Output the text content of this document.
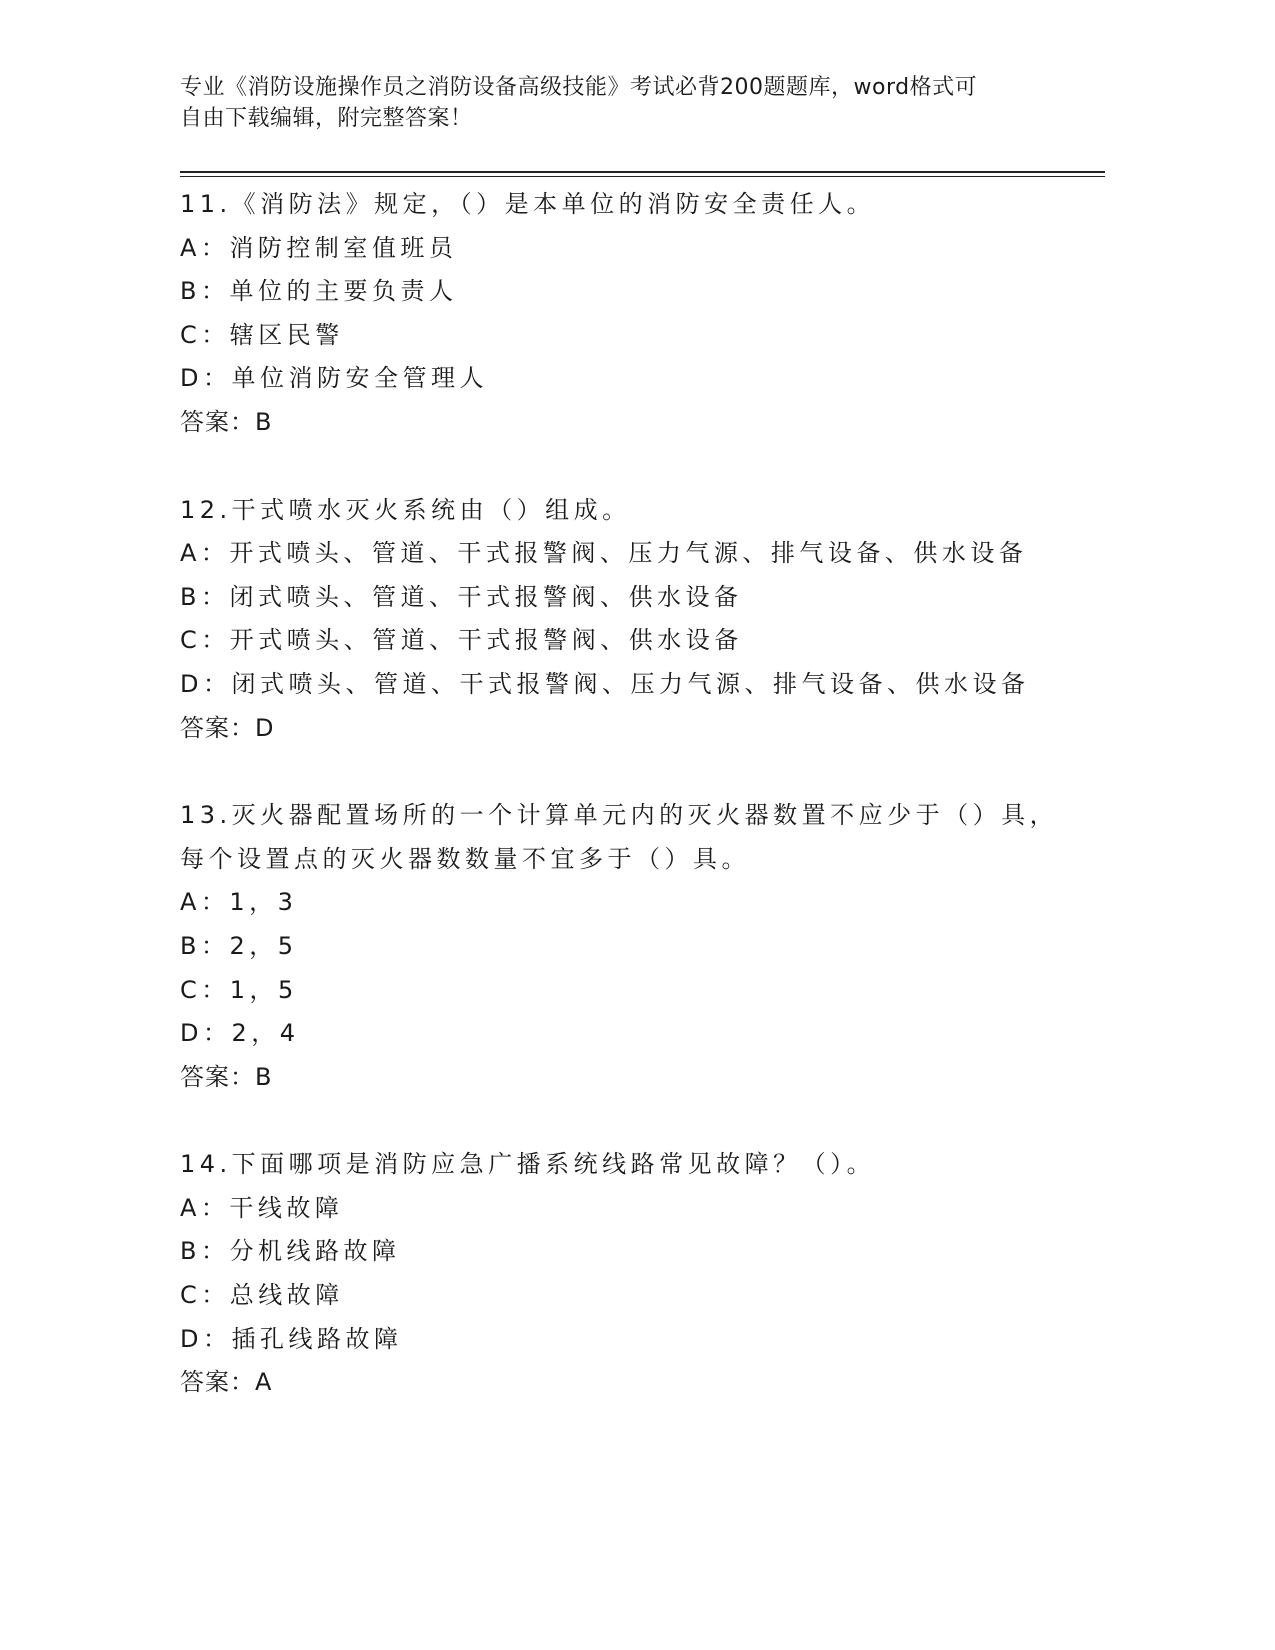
专业《消防设施操作员之消防设备高级技能》考试必背200题题库，word格式可
自由下载编辑，附完整答案！
11.《消防法》规定，（）是本单位的消防安全责任人。
A：消防控制室值班员
B：单位的主要负责人
C：辖区民警
D：单位消防安全管理人
答案：B
12.干式喷水灭火系统由（）组成。
A：开式喷头、管道、干式报警阀、压力气源、排气设备、供水设备
B：闭式喷头、管道、干式报警阀、供水设备
C：开式喷头、管道、干式报警阀、供水设备
D：闭式喷头、管道、干式报警阀、压力气源、排气设备、供水设备
答案：D
13.灭火器配置场所的一个计算单元内的灭火器数置不应少于（）具，
每个设置点的灭火器数数量不宜多于（）具。
A：1，3
B：2，5
C：1，5
D：2，4
答案：B
14.下面哪项是消防应急广播系统线路常见故障？（）。
A：干线故障
B：分机线路故障
C：总线故障
D：插孔线路故障
答案：A
